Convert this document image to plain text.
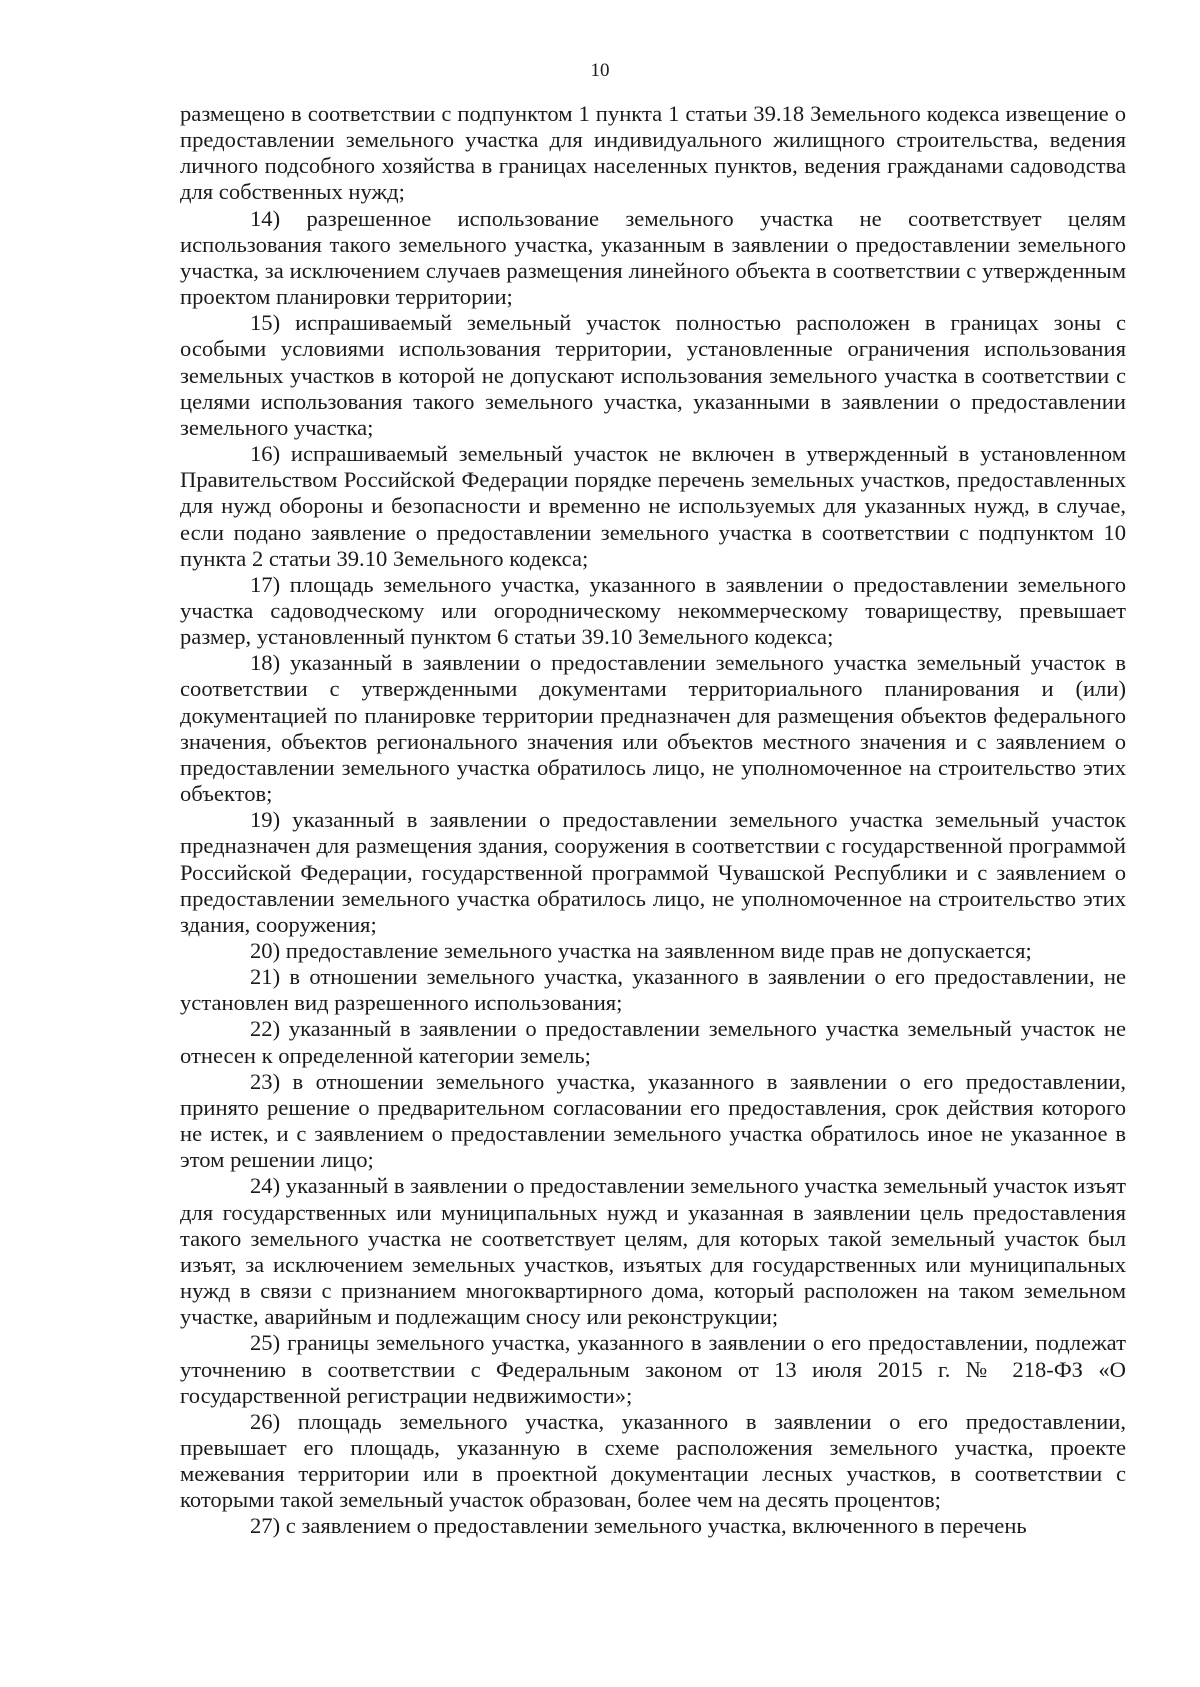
10

размещено в соответствии с подпунктом 1 пункта 1 статьи 39.18 Земельного кодекса извещение о предоставлении земельного участка для индивидуального жилищного строительства, ведения личного подсобного хозяйства в границах населенных пунктов, ведения гражданами садоводства для собственных нужд;

14) разрешенное использование земельного участка не соответствует целям использования такого земельного участка, указанным в заявлении о предоставлении земельного участка, за исключением случаев размещения линейного объекта в соответствии с утвержденным проектом планировки территории;

15) испрашиваемый земельный участок полностью расположен в границах зоны с особыми условиями использования территории, установленные ограничения использования земельных участков в которой не допускают использования земельного участка в соответствии с целями использования такого земельного участка, указанными в заявлении о предоставлении земельного участка;

16) испрашиваемый земельный участок не включен в утвержденный в установленном Правительством Российской Федерации порядке перечень земельных участков, предоставленных для нужд обороны и безопасности и временно не используемых для указанных нужд, в случае, если подано заявление о предоставлении земельного участка в соответствии с подпунктом 10 пункта 2 статьи 39.10 Земельного кодекса;

17) площадь земельного участка, указанного в заявлении о предоставлении земельного участка садоводческому или огородническому некоммерческому товариществу, превышает размер, установленный пунктом 6 статьи 39.10 Земельного кодекса;

18) указанный в заявлении о предоставлении земельного участка земельный участок в соответствии с утвержденными документами территориального планирования и (или) документацией по планировке территории предназначен для размещения объектов федерального значения, объектов регионального значения или объектов местного значения и с заявлением о предоставлении земельного участка обратилось лицо, не уполномоченное на строительство этих объектов;

19) указанный в заявлении о предоставлении земельного участка земельный участок предназначен для размещения здания, сооружения в соответствии с государственной программой Российской Федерации, государственной программой Чувашской Республики и с заявлением о предоставлении земельного участка обратилось лицо, не уполномоченное на строительство этих здания, сооружения;

20) предоставление земельного участка на заявленном виде прав не допускается;

21) в отношении земельного участка, указанного в заявлении о его предоставлении, не установлен вид разрешенного использования;

22) указанный в заявлении о предоставлении земельного участка земельный участок не отнесен к определенной категории земель;

23) в отношении земельного участка, указанного в заявлении о его предоставлении, принято решение о предварительном согласовании его предоставления, срок действия которого не истек, и с заявлением о предоставлении земельного участка обратилось иное не указанное в этом решении лицо;

24) указанный в заявлении о предоставлении земельного участка земельный участок изъят для государственных или муниципальных нужд и указанная в заявлении цель предоставления такого земельного участка не соответствует целям, для которых такой земельный участок был изъят, за исключением земельных участков, изъятых для государственных или муниципальных нужд в связи с признанием многоквартирного дома, который расположен на таком земельном участке, аварийным и подлежащим сносу или реконструкции;

25) границы земельного участка, указанного в заявлении о его предоставлении, подлежат уточнению в соответствии с Федеральным законом от 13 июля 2015 г. № 218-ФЗ «О государственной регистрации недвижимости»;

26) площадь земельного участка, указанного в заявлении о его предоставлении, превышает его площадь, указанную в схеме расположения земельного участка, проекте межевания территории или в проектной документации лесных участков, в соответствии с которыми такой земельный участок образован, более чем на десять процентов;

27) с заявлением о предоставлении земельного участка, включенного в перечень
